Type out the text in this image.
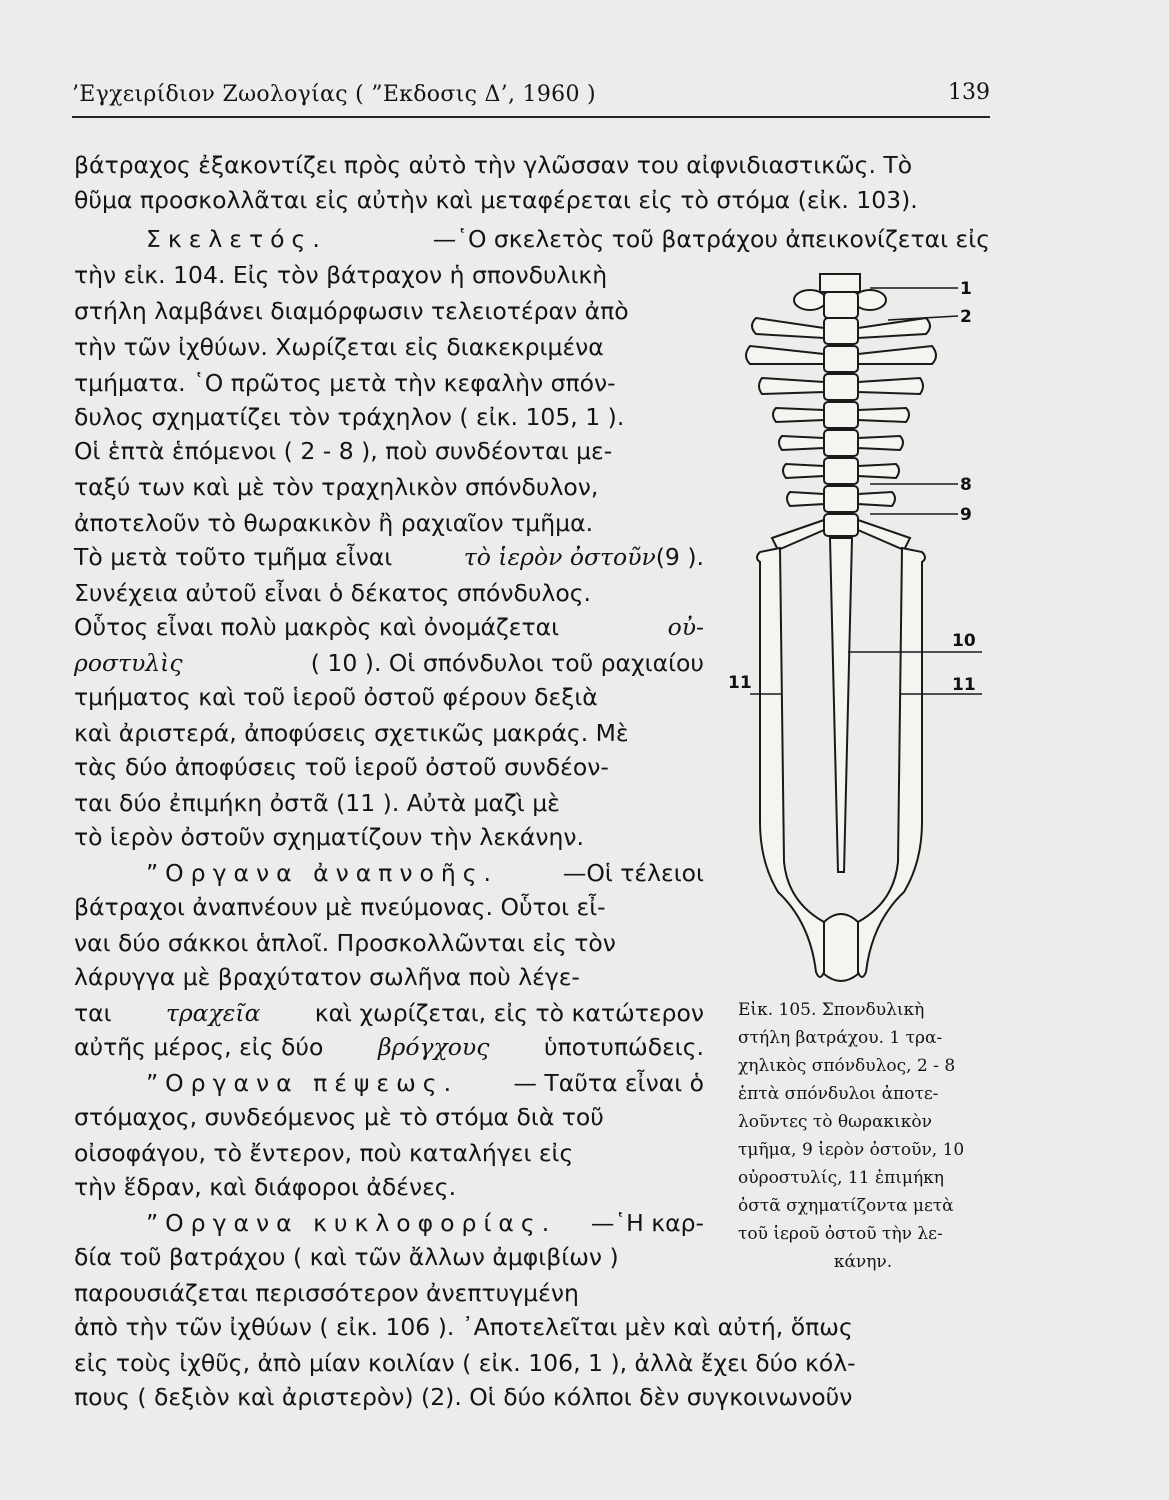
’Εγχειρίδιον Ζωολογίας ( ”Εκδοσις Δ’, 1960 )	139
βάτραχος ἐξακοντίζει πρὸς αὐτὸ τὴν γλῶσσαν του αἰφνιδιαστικῶς. Τὸ
θῦμα προσκολλᾶται εἰς αὐτὴν καὶ μεταφέρεται εἰς τὸ στόμα (εἰκ. 103).
Σκελετός.	—῾Ο σκελετὸς τοῦ βατράχου ἀπεικονίζεται εἰς
τὴν εἰκ. 104. Εἰς τὸν βάτραχον ἡ σπονδυλικὴ
στήλη λαμβάνει διαμόρφωσιν τελειοτέραν ἀπὸ
τὴν τῶν ἰχθύων. Χωρίζεται εἰς διακεκριμένα
τμήματα. ῾Ο πρῶτος μετὰ τὴν κεφαλὴν σπόν-
δυλος σχηματίζει τὸν τράχηλον ( εἰκ. 105, 1 ).
Οἱ ἑπτὰ ἑπόμενοι ( 2 - 8 ), ποὺ συνδέονται με-
ταξύ των καὶ μὲ τὸν τραχηλικὸν σπόνδυλον,
ἀποτελοῦν τὸ θωρακικὸν ἢ ραχιαῖον τμῆμα.
Τὸ μετὰ τοῦτο τμῆμα εἶναι	τὸ ἱερὸν ὀστοῦν(9 ).
Συνέχεια αὐτοῦ εἶναι ὁ δέκατος σπόνδυλος.
Οὗτος εἶναι πολὺ μακρὸς καὶ ὀνομάζεται	οὐ-
ροστυλὶς	( 10 ). Οἱ σπόνδυλοι τοῦ ραχιαίου
τμήματος καὶ τοῦ ἱεροῦ ὀστοῦ φέρουν δεξιὰ
καὶ ἀριστερά, ἀποφύσεις σχετικῶς μακράς. Μὲ
τὰς δύο ἀποφύσεις τοῦ ἱεροῦ ὀστοῦ συνδέον-
ται δύο ἐπιμήκη ὀστᾶ (11 ). Αὐτὰ μαζὶ μὲ
τὸ ἱερὸν ὀστοῦν σχηματίζουν τὴν λεκάνην.
”Οργανα ἀναπνοῆς.	—Οἱ τέλειοι
βάτραχοι ἀναπνέουν μὲ πνεύμονας. Οὗτοι εἶ-
ναι δύο σάκκοι ἁπλοῖ. Προσκολλῶνται εἰς τὸν
λάρυγγα μὲ βραχύτατον σωλῆνα ποὺ λέγε-
ται τραχεῖα καὶ χωρίζεται, εἰς τὸ κατώτερον
αὐτῆς μέρος, εἰς δύο βρόγχους ὑποτυπώδεις.
”Οργανα πέψεως. — Ταῦτα εἶναι ὁ
στόμαχος, συνδεόμενος μὲ τὸ στόμα διὰ τοῦ
οἰσοφάγου, τὸ ἔντερον, ποὺ καταλήγει εἰς
τὴν ἕδραν, καὶ διάφοροι ἀδένες.
”Οργανα κυκλοφορίας. —῾Η καρ-
δία τοῦ βατράχου ( καὶ τῶν ἄλλων ἀμφιβίων )
παρουσιάζεται περισσότερον ἀνεπτυγμένη
ἀπὸ τὴν τῶν ἰχθύων ( εἰκ. 106 ). ᾿Αποτελεῖται μὲν καὶ αὐτή, ὅπως
εἰς τοὺς ἰχθῦς, ἀπὸ μίαν κοιλίαν ( εἰκ. 106, 1 ), ἀλλὰ ἔχει δύο κόλ-
πους ( δεξιὸν καὶ ἀριστερὸν) (2). Οἱ δύο κόλποι δὲν συγκοινωνοῦν
1
2
8
9
10
11	11
Εἰκ. 105. Σπονδυλικὴ
στήλη βατράχου. 1 τρα-
χηλικὸς σπόνδυλος, 2 - 8
ἑπτὰ σπόνδυλοι ἀποτε-
λοῦντες τὸ θωρακικὸν
τμῆμα, 9 ἱερὸν ὀστοῦν, 10
οὐροστυλίς, 11 ἐπιμήκη
ὀστᾶ σχηματίζοντα μετὰ
τοῦ ἱεροῦ ὀστοῦ τὴν λε-
κάνην.
